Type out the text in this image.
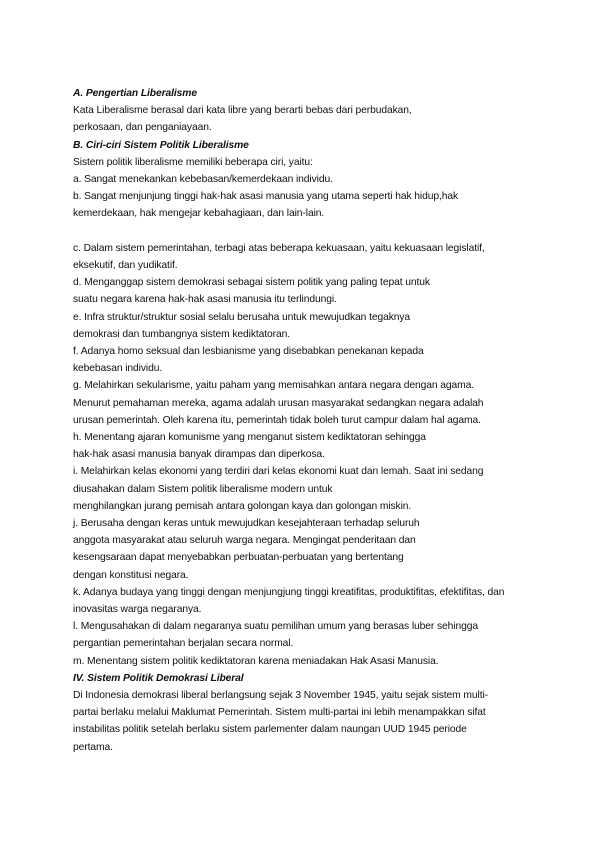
A. Pengertian Liberalisme
Kata Liberalisme berasal dari kata libre yang berarti bebas dari perbudakan,
perkosaan, dan penganiayaan.
B. Ciri-ciri Sistem Politik Liberalisme
Sistem politik liberalisme memiliki beberapa ciri, yaitu:
a. Sangat menekankan kebebasan/kemerdekaan individu.
b. Sangat menjunjung tinggi hak-hak asasi manusia yang utama seperti hak hidup,hak
kemerdekaan, hak mengejar kebahagiaan, dan lain-lain.
c. Dalam sistem pemerintahan, terbagi atas beberapa kekuasaan, yaitu kekuasaan legislatif,
eksekutif, dan yudikatif.
d. Menganggap sistem demokrasi sebagai sistem politik yang paling tepat untuk
suatu negara karena hak-hak asasi manusia itu terlindungi.
e. Infra struktur/struktur sosial selalu berusaha untuk mewujudkan tegaknya
demokrasi dan tumbangnya sistem kediktatoran.
f. Adanya homo seksual dan lesbianisme yang disebabkan penekanan kepada
kebebasan individu.
g. Melahirkan sekularisme, yaitu paham yang memisahkan antara negara dengan agama.
Menurut pemahaman mereka, agama adalah urusan masyarakat sedangkan negara adalah
urusan pemerintah. Oleh karena itu, pemerintah tidak boleh turut campur dalam hal agama.
h. Menentang ajaran komunisme yang menganut sistem kediktatoran sehingga
hak-hak asasi manusia banyak dirampas dan diperkosa.
i. Melahirkan kelas ekonomi yang terdiri dari kelas ekonomi kuat dan lemah. Saat ini sedang
diusahakan dalam Sistem politik liberalisme modern untuk
menghilangkan jurang pemisah antara golongan kaya dan golongan miskin.
j. Berusaha dengan keras untuk mewujudkan kesejahteraan terhadap seluruh
anggota masyarakat atau seluruh warga negara. Mengingat penderitaan dan
kesengsaraan dapat menyebabkan perbuatan-perbuatan yang bertentang
dengan konstitusi negara.
k. Adanya budaya yang tinggi dengan menjungjung tinggi kreatifitas, produktifitas, efektifitas, dan
inovasitas warga negaranya.
l. Mengusahakan di dalam negaranya suatu pemilihan umum yang berasas luber sehingga
pergantian pemerintahan berjalan secara normal.
m. Menentang sistem politik kediktatoran karena meniadakan Hak Asasi Manusia.
IV. Sistem Politik Demokrasi Liberal
Di Indonesia demokrasi liberal berlangsung sejak 3 November 1945, yaitu sejak sistem multi-
partai berlaku melalui Maklumat Pemerintah. Sistem multi-partai ini lebih menampakkan sifat
instabilitas politik setelah berlaku sistem parlementer dalam naungan UUD 1945 periode
pertama.
